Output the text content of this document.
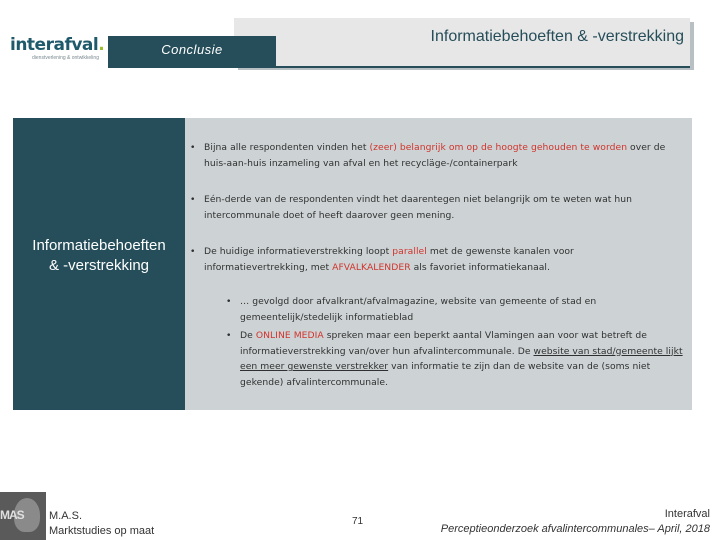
interafval.
dienstverlening & ontwikkeling
Informatiebehoeften & -verstrekking
Conclusie
Informatiebehoeften
& -verstrekking
• Bijna alle respondenten vinden het (zeer) belangrijk om op de hoogte gehouden te worden over de huis-aan-huis inzameling van afval en het recycläge-/containerpark
• Eén-derde van de respondenten vindt het daarentegen niet belangrijk om te weten wat hun intercommunale doet of heeft daarover geen mening.
• De huidige informatieverstrekking loopt parallel met de gewenste kanalen voor informatievertrekking, met AFVALKALENDER als favoriet informatiekanaal.
• … gevolgd door afvalkrant/afvalmagazine, website van gemeente of stad en gemeentelijk/stedelijk informatieblad
• De ONLINE MEDIA spreken maar een beperkt aantal Vlamingen aan voor wat betreft de informatieverstrekking van/over hun afvalintercommunale. De website van stad/gemeente lijkt een meer gewenste verstrekker van informatie te zijn dan de website van de (soms niet gekende) afvalintercommunale.
MAS M.A.S.
Marktstudies op maat
71
Interafval
Perceptieonderzoek afvalintercommunales– April, 2018
